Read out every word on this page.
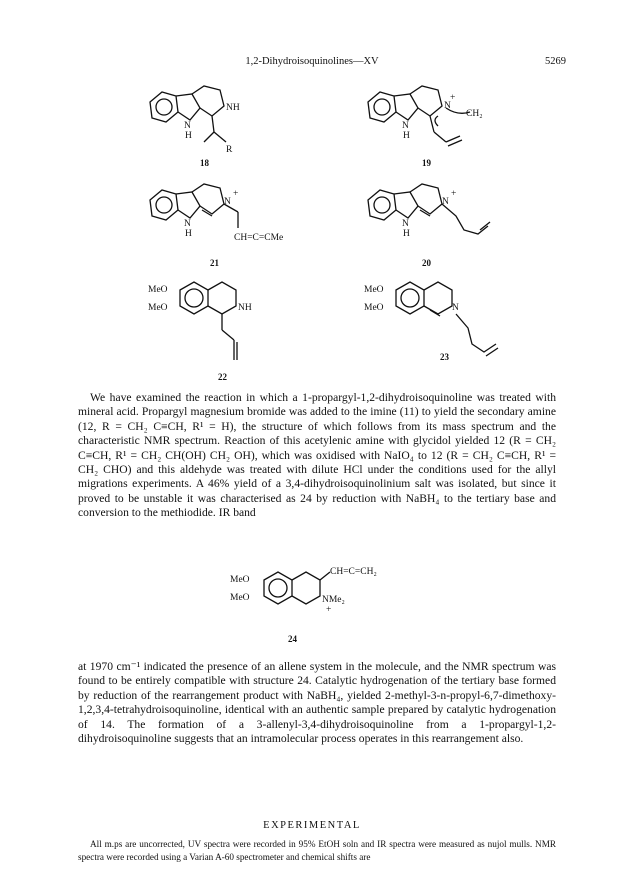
1,2-Dihydroisoquinolines—XV	5269
N
H
NH
R
18
N
H
N
+
CH₂
19
N
H
N
+
CH=C=CMe
21
N
H
N
+
20
MeO
MeO	NH
22
MeO
MeO	N
23

We have examined the reaction in which a 1-propargyl-1,2-dihydroisoquinoline was treated with mineral acid. Propargyl magnesium bromide was added to the imine (11) to yield the secondary amine (12, R = CH₂ C≡CH, R¹ = H), the structure of which follows from its mass spectrum and the characteristic NMR spectrum. Reaction of this acetylenic amine with glycidol yielded 12 (R = CH₂ C≡CH, R¹ = CH₂ CH(OH) CH₂ OH), which was oxidised with NaIO₄ to 12 (R = CH₂ C≡CH, R¹ = CH₂ CHO) and this aldehyde was treated with dilute HCl under the conditions used for the allyl migrations experiments. A 46% yield of a 3,4-dihydroisoquinolinium salt was isolated, but since it proved to be unstable it was characterised as 24 by reduction with NaBH₄ to the tertiary base and conversion to the methiodide. IR band

MeO
MeO
CH=C=CH₂
NMe₂
+
24

at 1970 cm⁻¹ indicated the presence of an allene system in the molecule, and the NMR spectrum was found to be entirely compatible with structure 24. Catalytic hydrogenation of the tertiary base formed by reduction of the rearrangement product with NaBH₄, yielded 2-methyl-3-n-propyl-6,7-dimethoxy-1,2,3,4-tetrahydroisoquinoline, identical with an authentic sample prepared by catalytic hydrogenation of 14. The formation of a 3-allenyl-3,4-dihydroisoquinoline from a 1-propargyl-1,2-dihydroisoquinoline suggests that an intramolecular process operates in this rearrangement also.

EXPERIMENTAL

All m.ps are uncorrected, UV spectra were recorded in 95% EtOH soln and IR spectra were measured as nujol mulls. NMR spectra were recorded using a Varian A-60 spectrometer and chemical shifts are
